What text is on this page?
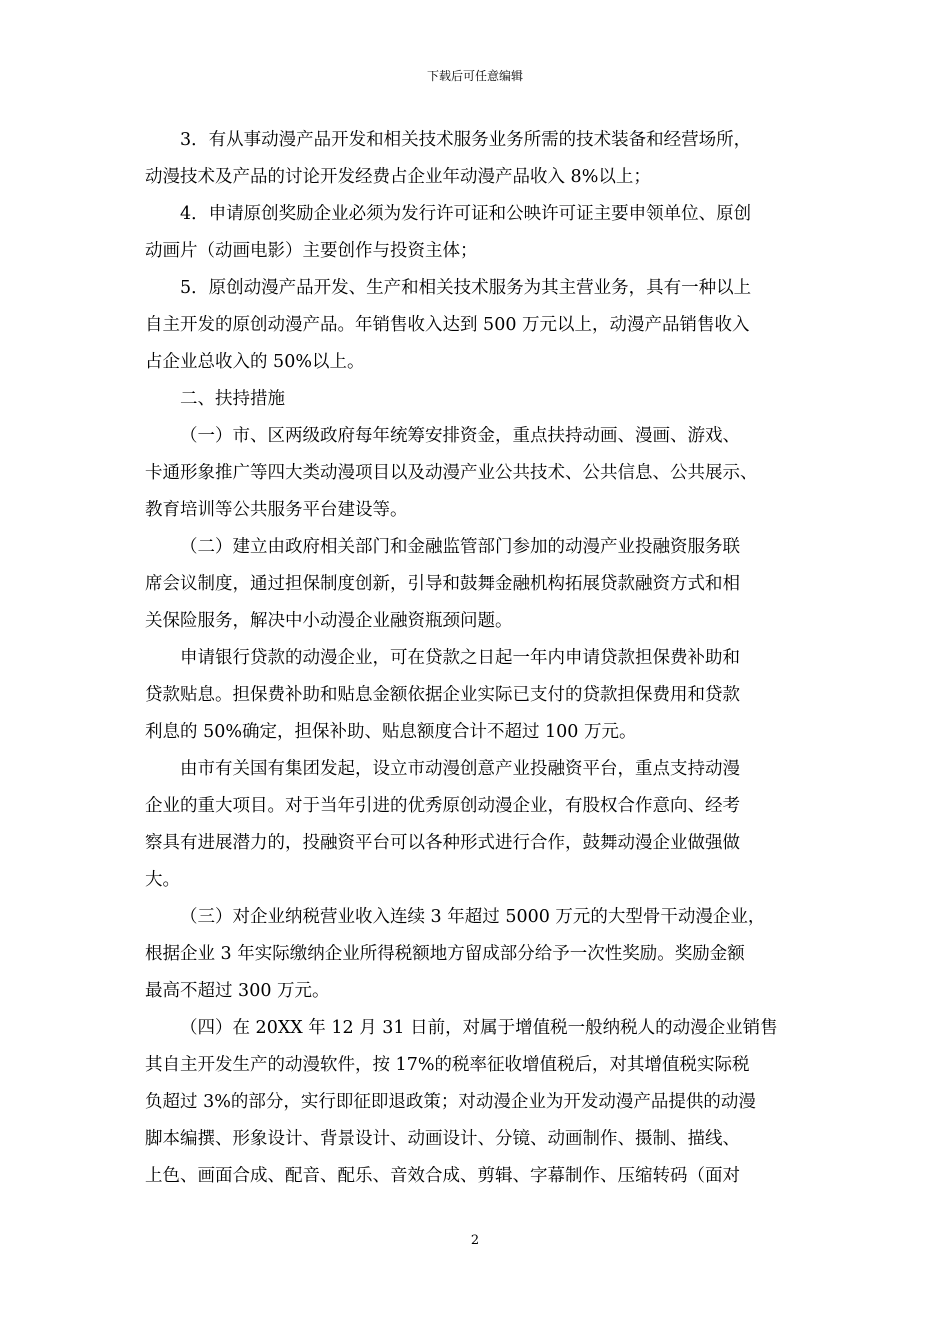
下载后可任意编辑
3．有从事动漫产品开发和相关技术服务业务所需的技术装备和经营场所，
动漫技术及产品的讨论开发经费占企业年动漫产品收入 8%以上；
4．申请原创奖励企业必须为发行许可证和公映许可证主要申领单位、原创
动画片（动画电影）主要创作与投资主体；
5．原创动漫产品开发、生产和相关技术服务为其主营业务，具有一种以上
自主开发的原创动漫产品。年销售收入达到 500 万元以上，动漫产品销售收入
占企业总收入的 50%以上。
二、扶持措施
（一）市、区两级政府每年统筹安排资金，重点扶持动画、漫画、游戏、
卡通形象推广等四大类动漫项目以及动漫产业公共技术、公共信息、公共展示、
教育培训等公共服务平台建设等。
（二）建立由政府相关部门和金融监管部门参加的动漫产业投融资服务联
席会议制度，通过担保制度创新，引导和鼓舞金融机构拓展贷款融资方式和相
关保险服务，解决中小动漫企业融资瓶颈问题。
申请银行贷款的动漫企业，可在贷款之日起一年内申请贷款担保费补助和
贷款贴息。担保费补助和贴息金额依据企业实际已支付的贷款担保费用和贷款
利息的 50%确定，担保补助、贴息额度合计不超过 100 万元。
由市有关国有集团发起，设立市动漫创意产业投融资平台，重点支持动漫
企业的重大项目。对于当年引进的优秀原创动漫企业，有股权合作意向、经考
察具有进展潜力的，投融资平台可以各种形式进行合作，鼓舞动漫企业做强做
大。
（三）对企业纳税营业收入连续 3 年超过 5000 万元的大型骨干动漫企业，
根据企业 3 年实际缴纳企业所得税额地方留成部分给予一次性奖励。奖励金额
最高不超过 300 万元。
（四）在 20XX 年 12 月 31 日前，对属于增值税一般纳税人的动漫企业销售
其自主开发生产的动漫软件，按 17%的税率征收增值税后，对其增值税实际税
负超过 3%的部分，实行即征即退政策；对动漫企业为开发动漫产品提供的动漫
脚本编撰、形象设计、背景设计、动画设计、分镜、动画制作、摄制、描线、
上色、画面合成、配音、配乐、音效合成、剪辑、字幕制作、压缩转码（面对
2
